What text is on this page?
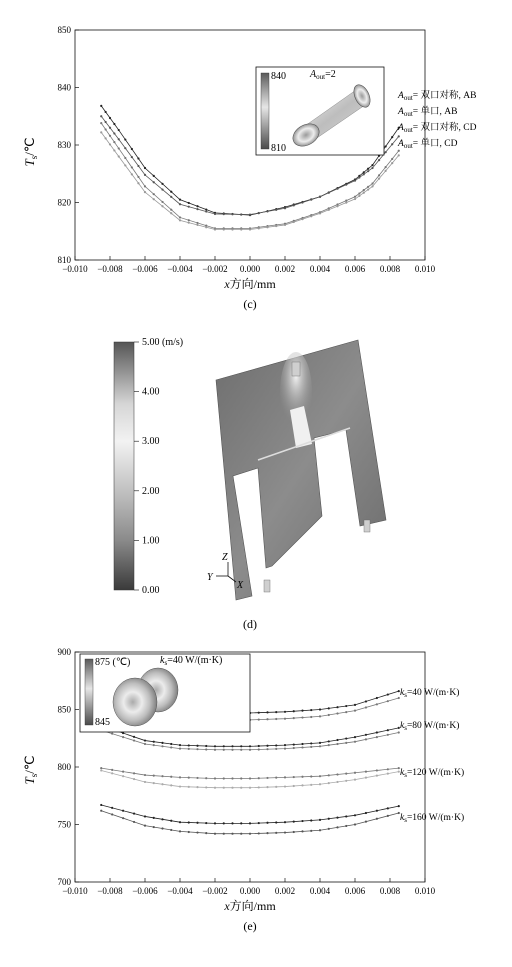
−0.010 −0.008 −0.006 −0.004 −0.002 0.000 0.002 0.004 0.006 0.008 0.010
810
820
830
840
850
$T_s/℃$
x方向/mm
(c)
840
810
$A_{out}=2$
$A_{out}=$ 双口对称, AB
$A_{out}=$ 单口, AB
$A_{out}=$ 双口对称, CD
$A_{out}=$ 单口, CD
5.00 (m/s)
4.00
3.00
2.00
1.00
0.00
Z
Y
X
(d)
−0.010 −0.008 −0.006 −0.004 −0.002 0.000 0.002 0.004 0.006 0.008 0.010
700
750
800
850
900
$T_s/℃$
x方向/mm
(e)
875 (℃)
845
$k_s=40$ W/(m·K)
$k_s=40$ W/(m·K)
$k_s=80$ W/(m·K)
$k_s=120$ W/(m·K)
$k_s=160$ W/(m·K)
